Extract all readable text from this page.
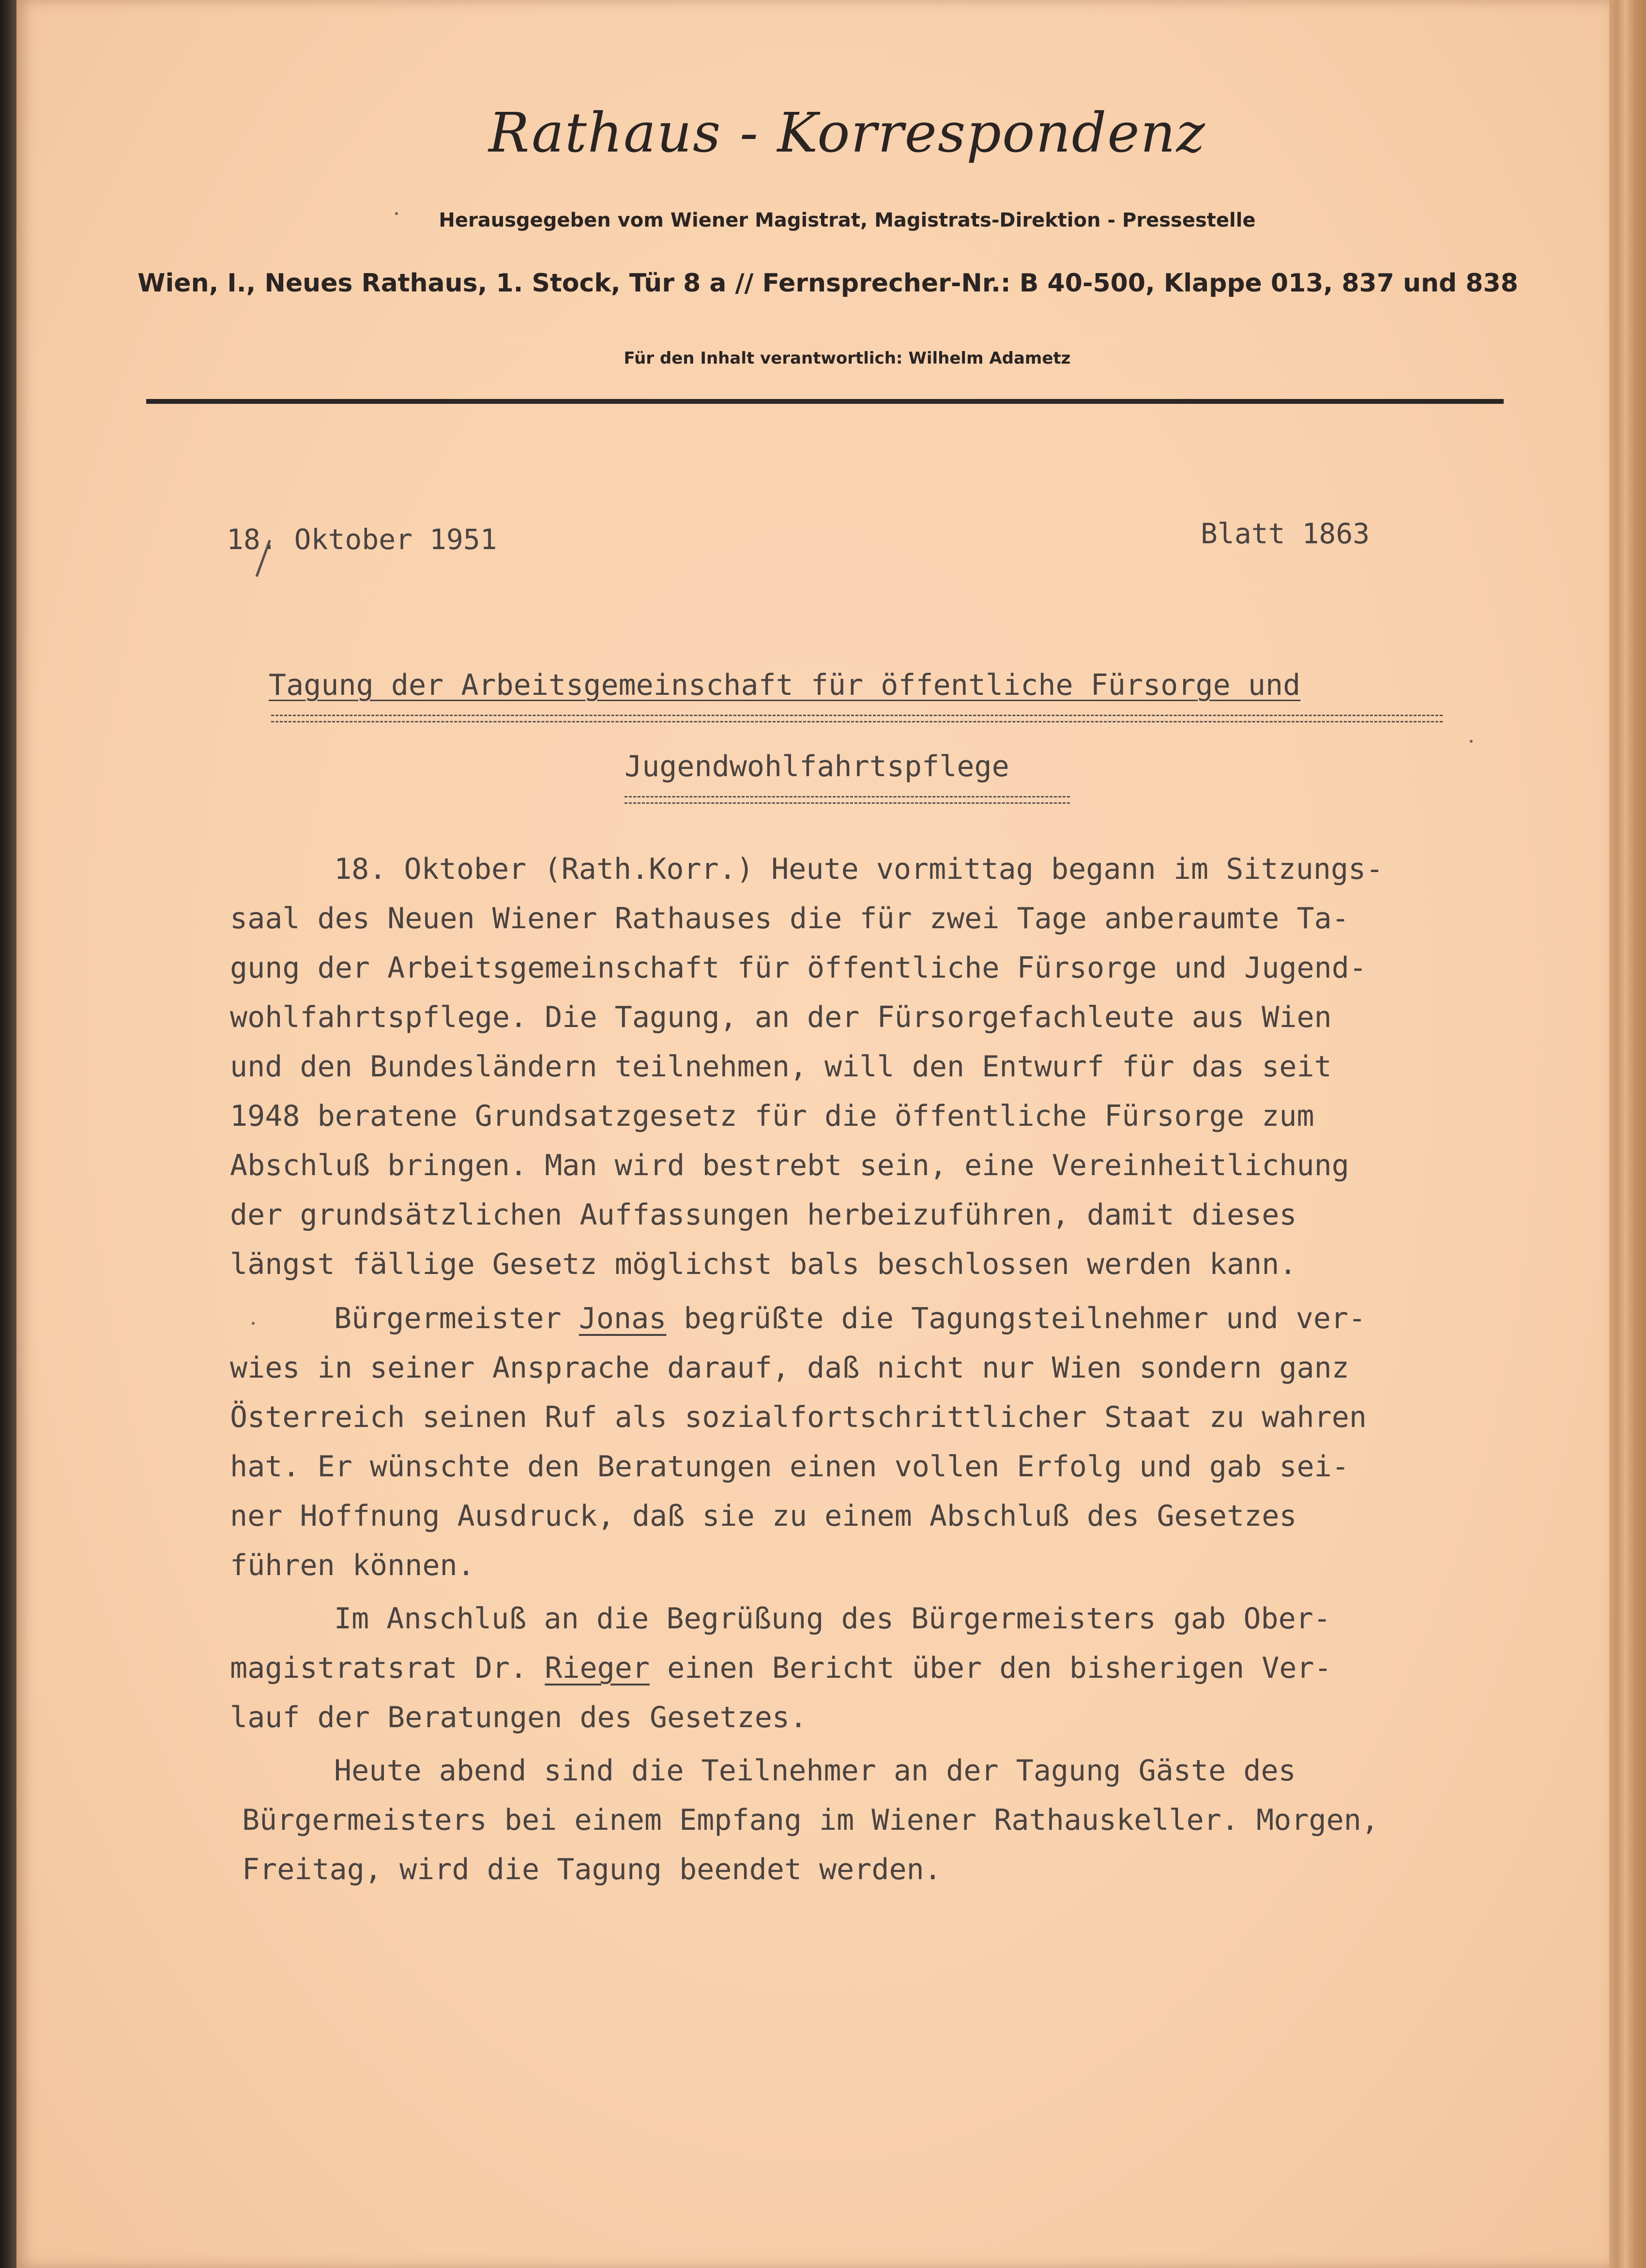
Rathaus - Korrespondenz
Herausgegeben vom Wiener Magistrat, Magistrats-Direktion - Pressestelle
Wien, I., Neues Rathaus, 1. Stock, Tür 8 a // Fernsprecher-Nr.: B 40-500, Klappe 013, 837 und 838
Für den Inhalt verantwortlich: Wilhelm Adametz
18. Oktober 1951	Blatt 1863
Tagung der Arbeitsgemeinschaft für öffentliche Fürsorge und
Jugendwohlfahrtspflege
18. Oktober (Rath.Korr.) Heute vormittag begann im Sitzungs-
saal des Neuen Wiener Rathauses die für zwei Tage anberaumte Ta-
gung der Arbeitsgemeinschaft für öffentliche Fürsorge und Jugend-
wohlfahrtspflege. Die Tagung, an der Fürsorgefachleute aus Wien
und den Bundesländern teilnehmen, will den Entwurf für das seit
1948 beratene Grundsatzgesetz für die öffentliche Fürsorge zum
Abschluß bringen. Man wird bestrebt sein, eine Vereinheitlichung
der grundsätzlichen Auffassungen herbeizuführen, damit dieses
längst fällige Gesetz möglichst bals beschlossen werden kann.
Bürgermeister Jonas begrüßte die Tagungsteilnehmer und ver-
wies in seiner Ansprache darauf, daß nicht nur Wien sondern ganz
Österreich seinen Ruf als sozialfortschrittlicher Staat zu wahren
hat. Er wünschte den Beratungen einen vollen Erfolg und gab sei-
ner Hoffnung Ausdruck, daß sie zu einem Abschluß des Gesetzes
führen können.
Im Anschluß an die Begrüßung des Bürgermeisters gab Ober-
magistratsrat Dr. Rieger einen Bericht über den bisherigen Ver-
lauf der Beratungen des Gesetzes.
Heute abend sind die Teilnehmer an der Tagung Gäste des
Bürgermeisters bei einem Empfang im Wiener Rathauskeller. Morgen,
Freitag, wird die Tagung beendet werden.
